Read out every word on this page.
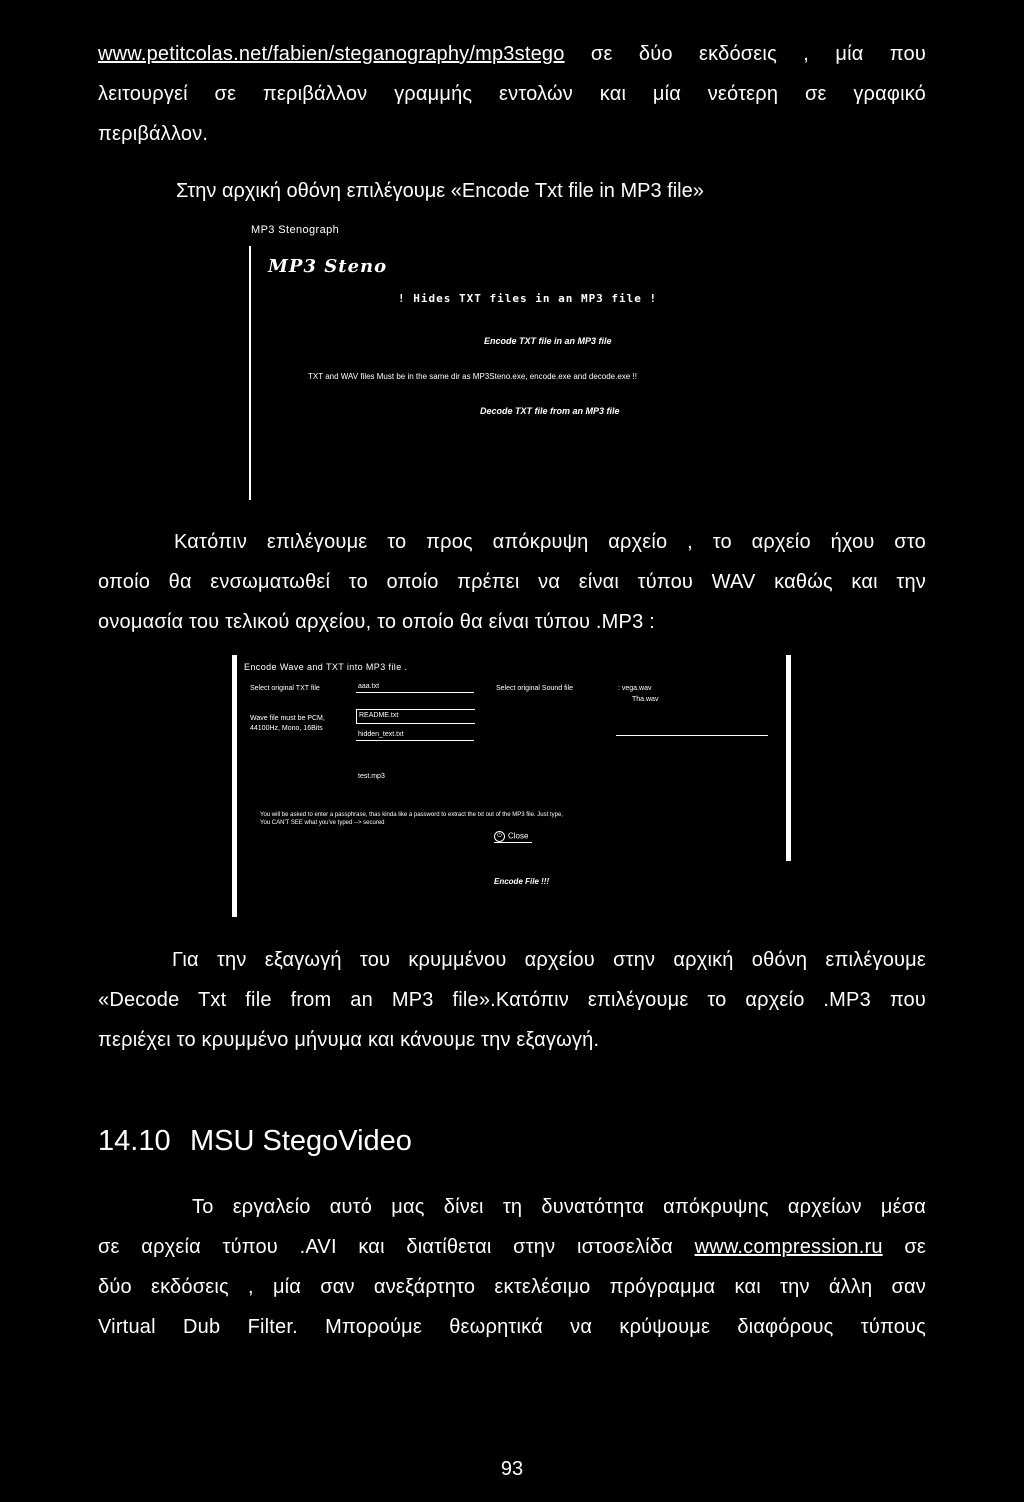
www.petitcolas.net/fabien/steganography/mp3stego σε δύο εκδόσεις , μία που
λειτουργεί σε περιβάλλον γραμμής εντολών και μία νεότερη σε γραφικό
περιβάλλον.
Στην αρχική οθόνη επιλέγουμε «Encode Txt file in MP3 file»
MP3 Stenograph
MP3 Steno
! Hides TXT files in an MP3 file !
Encode TXT file in an MP3 file
TXT and WAV files Must be in the same dir as MP3Steno.exe, encode.exe and decode.exe !!
Decode TXT file from an MP3 file
Κατόπιν επιλέγουμε το προς απόκρυψη αρχείο , το αρχείο ήχου στο
οποίο θα ενσωματωθεί το οποίο πρέπει να είναι τύπου WAV καθώς και την
ονομασία του τελικού αρχείου, το οποίο θα είναι τύπου .MP3 :
Encode Wave and TXT into MP3 file .
Select original TXT file	aaa.txt
README.txt
hidden_text.txt
Wave file must be PCM,
44100Hz, Mono, 16Bits
Select original Sound file	: vega.wav
Tha.wav
test.mp3
You will be asked to enter a passphrase, thas kinda like a password to extract the txt out of the MP3 file. Just type,
You CAN'T SEE what you've typed --> secured
⏻ Close
Encode File !!!
Για την εξαγωγή του κρυμμένου αρχείου στην αρχική οθόνη επιλέγουμε
«Decode Txt file from an MP3 file».Κατόπιν επιλέγουμε το αρχείο .MP3 που
περιέχει το κρυμμένο μήνυμα και κάνουμε την εξαγωγή.
14.10 MSU StegoVideo
Το εργαλείο αυτό μας δίνει τη δυνατότητα απόκρυψης αρχείων μέσα
σε αρχεία τύπου .AVI και διατίθεται στην ιστοσελίδα www.compression.ru σε
δύο εκδόσεις , μία σαν ανεξάρτητο εκτελέσιμο πρόγραμμα και την άλλη σαν
Virtual Dub Filter. Μπορούμε θεωρητικά να κρύψουμε διαφόρους τύπους
93
